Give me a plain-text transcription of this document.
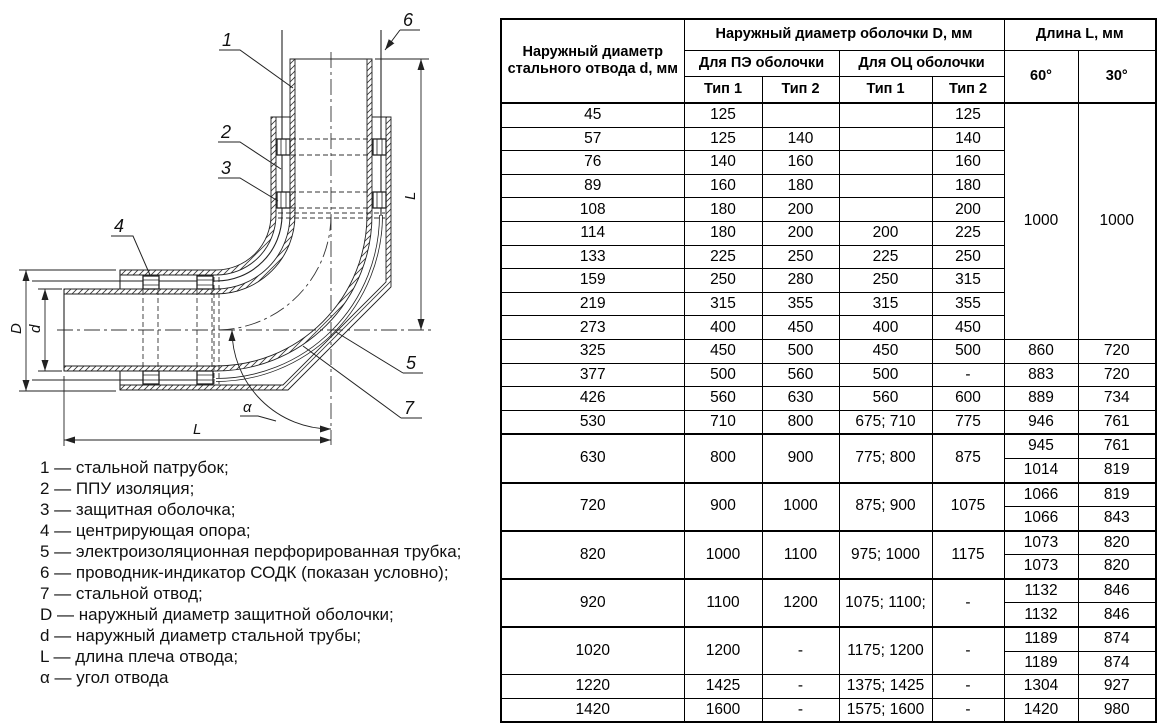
D d
L
L
α
1
2
3
4
5
6
7
1 — стальной патрубок;
2 — ППУ изоляция;
3 — защитная оболочка;
4 — центрирующая опора;
5 — электроизоляционная перфорированная трубка;
6 — проводник-индикатор СОДК (показан условно);
7 — стальной отвод;
D — наружный диаметр защитной оболочки;
d — наружный диаметр стальной трубы;
L — длина плеча отвода;
α — угол отвода
Наружный диаметр стального отвода d, мм	Наружный диаметр оболочки D, мм				Длина L, мм	
	Для ПЭ оболочки		Для ОЦ оболочки		60°	30°
	Тип 1	Тип 2	Тип 1	Тип 2		
45	125			125	1000	1000
57	125	140		140		
76	140	160		160		
89	160	180		180		
108	180	200		200		
114	180	200	200	225		
133	225	250	225	250		
159	250	280	250	315		
219	315	355	315	355		
273	400	450	400	450		
325	450	500	450	500	860	720
377	500	560	500	-	883	720
426	560	630	560	600	889	734
530	710	800	675; 710	775	946	761
630	800	900	775; 800	875	945	761
					1014	819
720	900	1000	875; 900	1075	1066	819
					1066	843
820	1000	1100	975; 1000	1175	1073	820
					1073	820
920	1100	1200	1075; 1100;	-	1132	846
					1132	846
1020	1200	-	1175; 1200	-	1189	874
					1189	874
1220	1425	-	1375; 1425	-	1304	927
1420	1600	-	1575; 1600	-	1420	980
